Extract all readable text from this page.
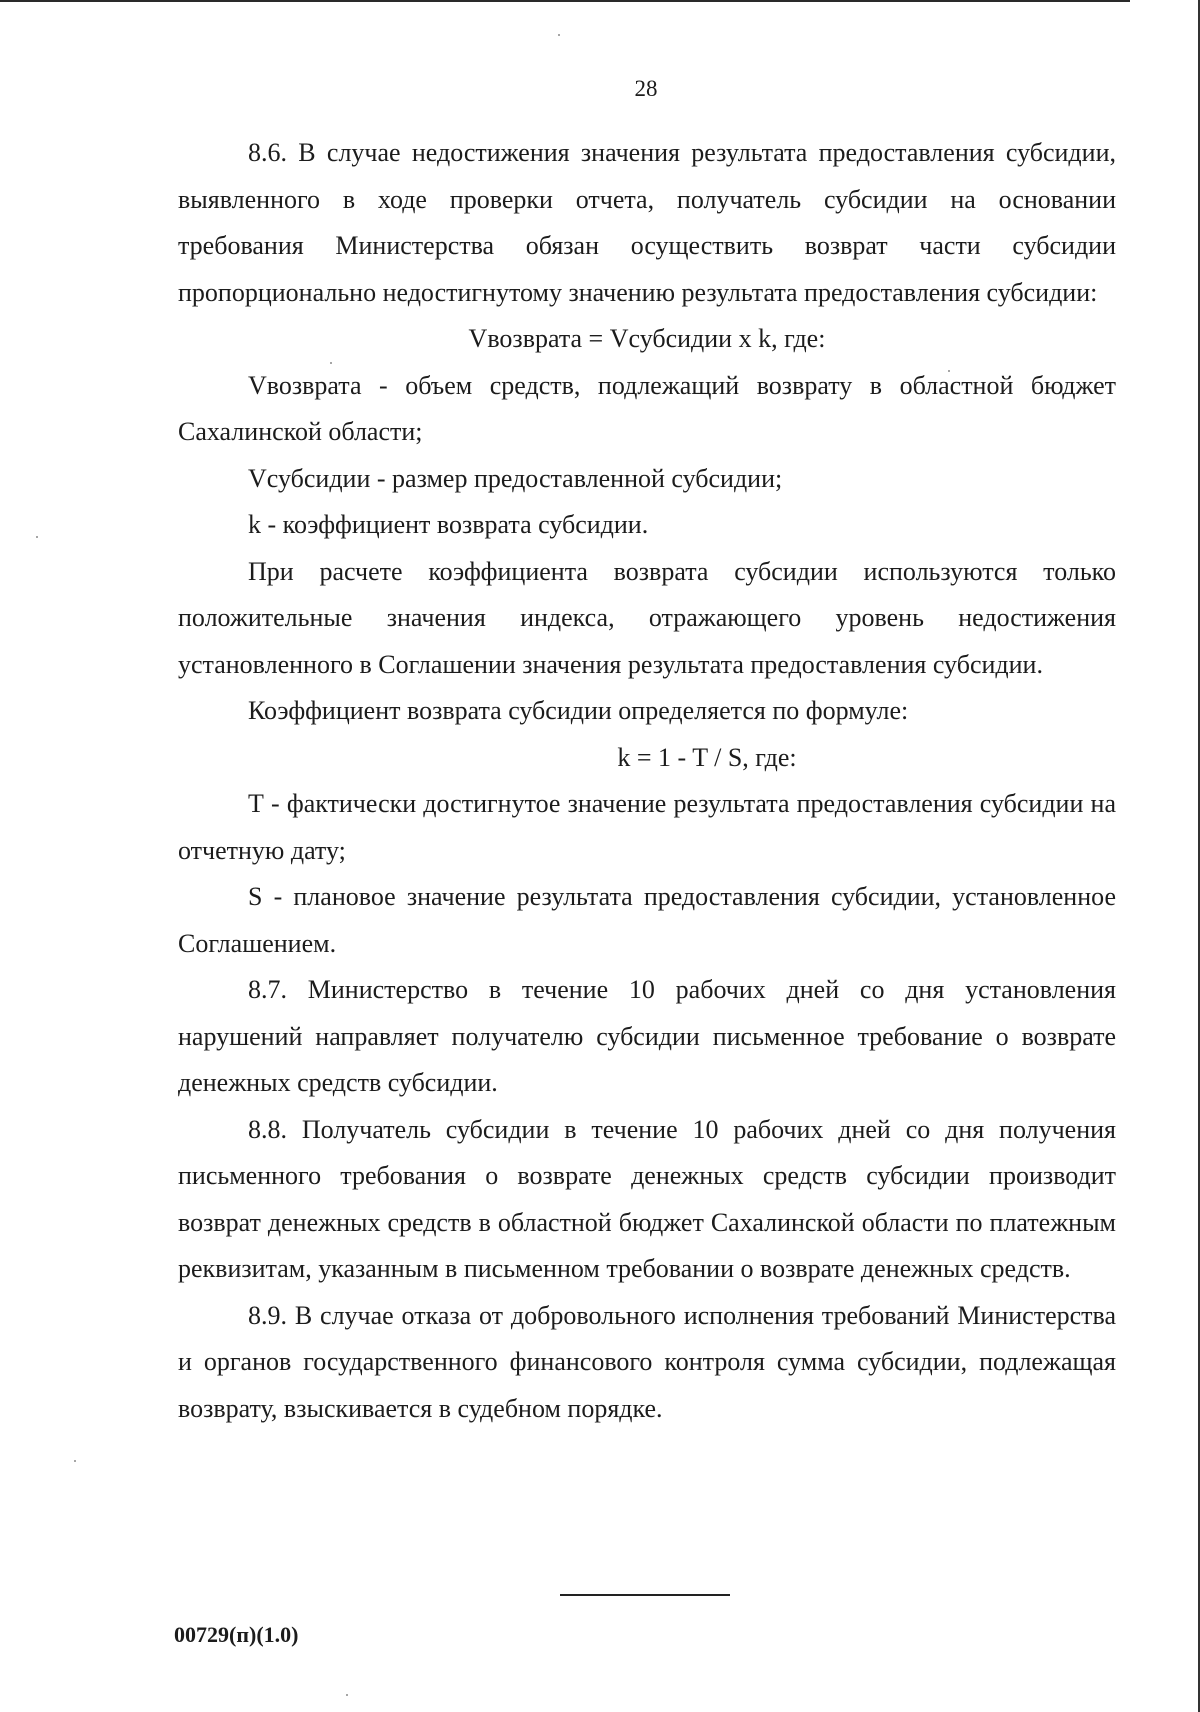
28

8.6. В случае недостижения значения результата предоставления субсидии, выявленного в ходе проверки отчета, получатель субсидии на основании требования Министерства обязан осуществить возврат части субсидии пропорционально недостигнутому значению результата предоставления субсидии:

Vвозврата = Vсубсидии х k, где:

Vвозврата - объем средств, подлежащий возврату в областной бюджет Сахалинской области;

Vсубсидии - размер предоставленной субсидии;

k - коэффициент возврата субсидии.

При расчете коэффициента возврата субсидии используются только положительные значения индекса, отражающего уровень недостижения установленного в Соглашении значения результата предоставления субсидии.

Коэффициент возврата субсидии определяется по формуле:

k = 1 - T / S, где:

Т - фактически достигнутое значение результата предоставления субсидии на отчетную дату;

S - плановое значение результата предоставления субсидии, установленное Соглашением.

8.7. Министерство в течение 10 рабочих дней со дня установления нарушений направляет получателю субсидии письменное требование о возврате денежных средств субсидии.

8.8. Получатель субсидии в течение 10 рабочих дней со дня получения письменного требования о возврате денежных средств субсидии производит возврат денежных средств в областной бюджет Сахалинской области по платежным реквизитам, указанным в письменном требовании о возврате денежных средств.

8.9. В случае отказа от добровольного исполнения требований Министерства и органов государственного финансового контроля сумма субсидии, подлежащая возврату, взыскивается в судебном порядке.

00729(п)(1.0)
